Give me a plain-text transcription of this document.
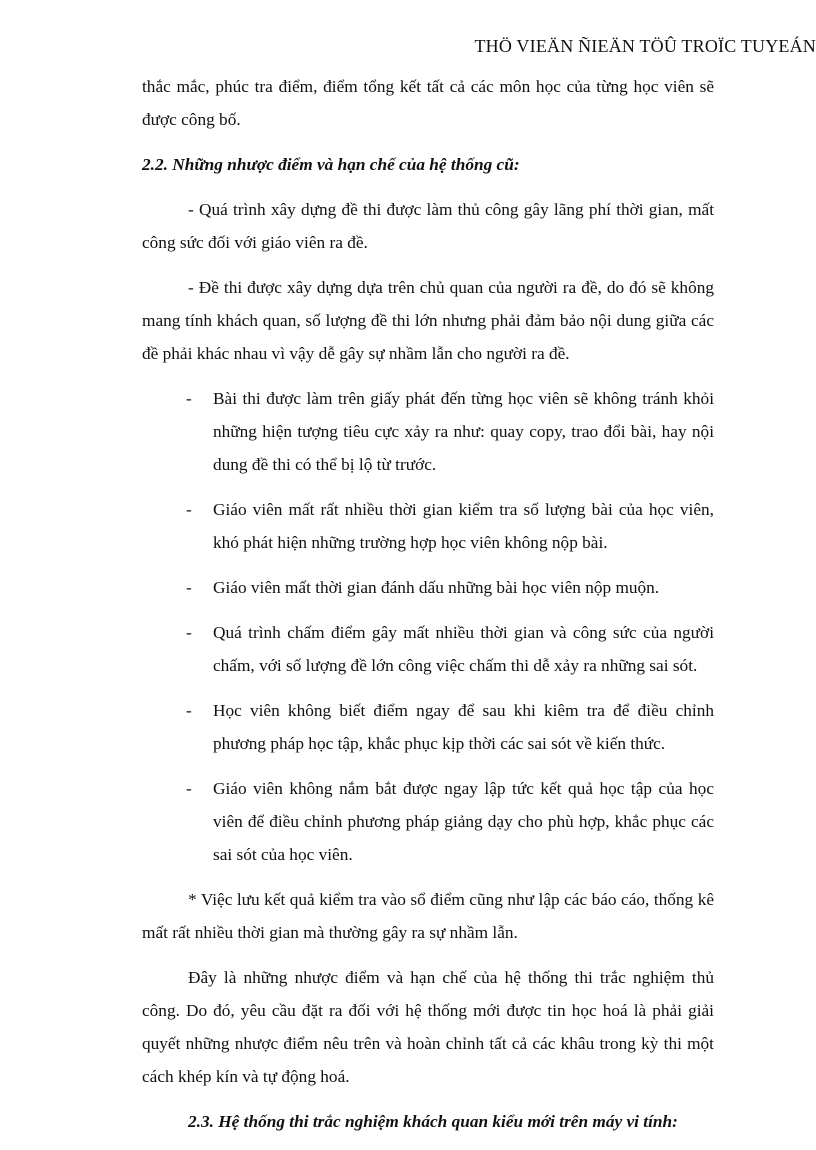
THÖ VIEÄN ÑIEÄN TÖÛ TROÏC TUYEÁN

thắc mắc, phúc tra điểm, điểm tổng kết tất cả các môn học của từng học viên sẽ được công bố.

2.2. Những nhược điểm và hạn chế của hệ thống cũ:

- Quá trình xây dựng đề thi được làm thủ công gây lãng phí thời gian, mất công sức đối với giáo viên ra đề.

- Đề thi được xây dựng dựa trên chủ quan của người ra đề, do đó sẽ không mang tính khách quan, số lượng đề thi lớn nhưng phải đảm bảo nội dung giữa các đề phải khác nhau vì vậy dễ gây sự nhầm lẫn cho người ra đề.

- Bài thi được làm trên giấy phát đến từng học viên sẽ không tránh khỏi những hiện tượng tiêu cực xảy ra như: quay copy, trao đổi bài, hay nội dung đề thi có thể bị lộ từ trước.
- Giáo viên mất rất nhiều thời gian kiểm tra số lượng bài của học viên, khó phát hiện những trường hợp học viên không nộp bài.
- Giáo viên mất thời gian đánh dấu những bài học viên nộp muộn.
- Quá trình chấm điểm gây mất nhiều thời gian và công sức của người chấm, với số lượng đề lớn công việc chấm thi dễ xảy ra những sai sót.
- Học viên không biết điểm ngay để sau khi kiêm tra để điều chỉnh phương pháp học tập, khắc phục kịp thời các sai sót về kiến thức.
- Giáo viên không nắm bắt được ngay lập tức kết quả học tập của học viên để điều chỉnh phương pháp giảng dạy cho phù hợp, khắc phục các sai sót của học viên.

* Việc lưu kết quả kiểm tra vào sổ điểm cũng như lập các báo cáo, thống kê mất rất nhiều thời gian mà thường gây ra sự nhầm lẫn.

Đây là những nhược điểm và hạn chế của hệ thống thi trắc nghiệm thủ công. Do đó, yêu cầu đặt ra đối với hệ thống mới được tin học hoá là phải giải quyết những nhược điểm nêu trên và hoàn chỉnh tất cả các khâu trong kỳ thi một cách khép kín và tự động hoá.

2.3. Hệ thống thi trắc nghiệm khách quan kiểu mới trên máy vi tính:
